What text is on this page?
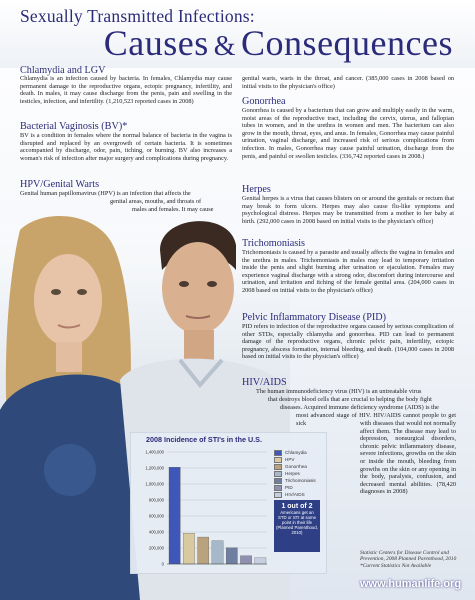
Sexually Transmitted Infections:
Causes & Consequences
Chlamydia and LGV
Chlamydia is an infection caused by bacteria. In females, Chlamydia may cause permanent damage to the reproductive organs, ectopic pregnancy, infertility, and death. In males, it may cause discharge from the penis, pain and swelling in the testicles, infection, and infertility. (1,210,523 reported cases in 2008)
Bacterial Vaginosis (BV)*
BV is a condition in females where the normal balance of bacteria in the vagina is disrupted and replaced by an overgrowth of certain bacteria. It is sometimes accompanied by discharge, odor, pain, itching, or burning. BV also increases a woman's risk of infection after major surgery and complications during pregnancy.
HPV/Genital Warts
Genital human papillomavirus (HPV) is an infection that affects the
genital areas, mouths, and throats of
males and females. It may cause
genital warts, warts in the throat, and cancer. (385,000 cases in 2008 based on initial visits to the physician's office)
Gonorrhea
Gonorrhea is caused by a bacterium that can grow and multiply easily in the warm, moist areas of the reproductive tract, including the cervix, uterus, and fallopian tubes in women, and in the urethra in women and men. The bacterium can also grow in the mouth, throat, eyes, and anus. In females, Gonorrhea may cause painful urination, vaginal discharge, and increased risk of serious complications from infection. In males, Gonorrhea may cause painful urination, discharge from the penis, and painful or swollen testicles. (336,742 reported cases in 2008.)
Herpes
Genital herpes is a virus that causes blisters on or around the genitals or rectum that may break to form ulcers. Herpes may also cause flu-like symptoms and psychological distress. Herpes may be transmitted from a mother to her baby at birth. (292,000 cases in 2008 based on initial visits to the physician's office)
Trichomoniasis
Trichomoniasis is caused by a parasite and usually affects the vagina in females and the urethra in males. Trichomoniasis in males may lead to temporary irritation inside the penis and slight burning after urination or ejaculation. Females may experience vaginal discharge with a strong odor, discomfort during intercourse and urination, and irritation and itching of the female genital area. (204,000 cases in 2008 based on initial visits to the physician's office)
Pelvic Inflammatory Disease (PID)
PID refers to infection of the reproductive organs caused by serious complication of other STDs, especially chlamydia and gonorrhea. PID can lead to permanent damage of the reproductive organs, chronic pelvic pain, infertility, ectopic pregnancy, abscess formation, internal bleeding, and death. (104,000 cases in 2008 based on initial visits to the physician's office)
HIV/AIDS
The human immunodeficiency virus (HIV) is an untreatable virus
that destroys blood cells that are crucial to helping the body fight
diseases. Acquired immune deficiency syndrome (AIDS) is the
most advanced stage of HIV. HIV/AIDS cannot people to get sick	with diseases that would not normally affect them. The disease may lead to depression, nonsurgical disorders, chronic pelvic inflammatory disease, severe infections, growths on the skin or inside the mouth, bleeding from growths on the skin or any opening in the body, paralysis, confusion, and decreased mental abilities. (78,420 diagnoses in 2008)
2008 Incidence of STI's in the U.S.
1,400,000
1,200,000
1,000,000
800,000
600,000
400,000
200,000
0
Chlamydia
HPV
Gonorrhea
Herpes
Trichomoniasis
PID
HIV/AIDS
1 out of 2
Americans get an STD or STI at some point in their life
(Planned Parenthood, 2010)
Statistic Centers for Disease Control and Prevention, 2008 Planned Parenthood, 2010 *Current Statistics Not Available
www.humanlife.org
